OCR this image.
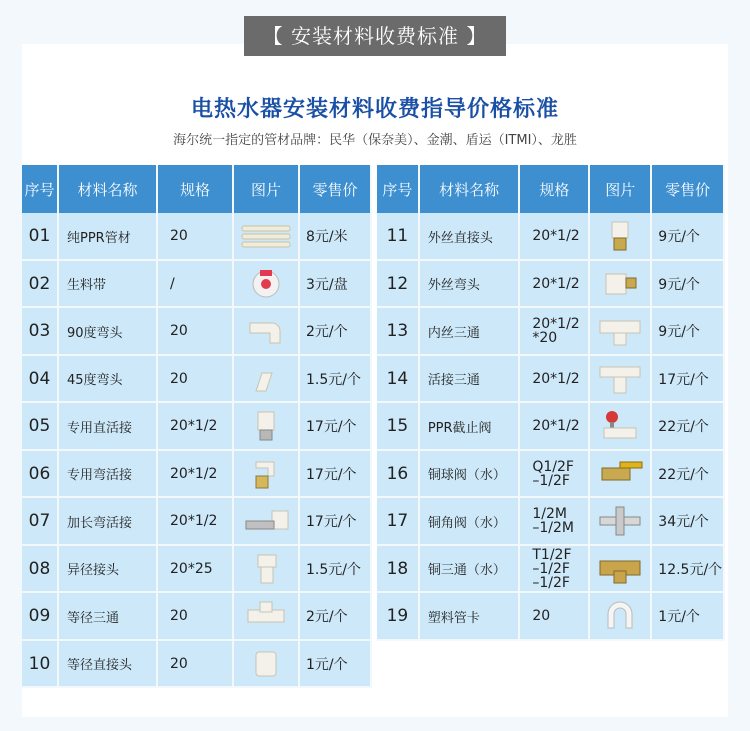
【 安装材料收费标准 】
电热水器安装材料收费指导价格标准
海尔统一指定的管材品牌：民华（保奈美）、金潮、盾运（ITMI）、龙胜
序号	材料名称	规格	图片	零售价
01	纯PPR管材	20		8元/米
02	生料带	/		3元/盘
03	90度弯头	20		2元/个
04	45度弯头	20		1.5元/个
05	专用直活接	20*1/2		17元/个
06	专用弯活接	20*1/2		17元/个
07	加长弯活接	20*1/2		17元/个
08	异径接头	20*25		1.5元/个
09	等径三通	20		2元/个
10	等径直接头	20		1元/个
序号	材料名称	规格	图片	零售价
11	外丝直接头	20*1/2		9元/个
12	外丝弯头	20*1/2		9元/个
13	内丝三通	20*1/2
*20		9元/个
14	活接三通	20*1/2		17元/个
15	PPR截止阀	20*1/2		22元/个
16	铜球阀（水）	Q1/2F
–1/2F		22元/个
17	铜角阀（水）	1/2M
–1/2M		34元/个
18	铜三通（水）	T1/2F
–1/2F
–1/2F		12.5元/个
19	塑料管卡	20		1元/个
